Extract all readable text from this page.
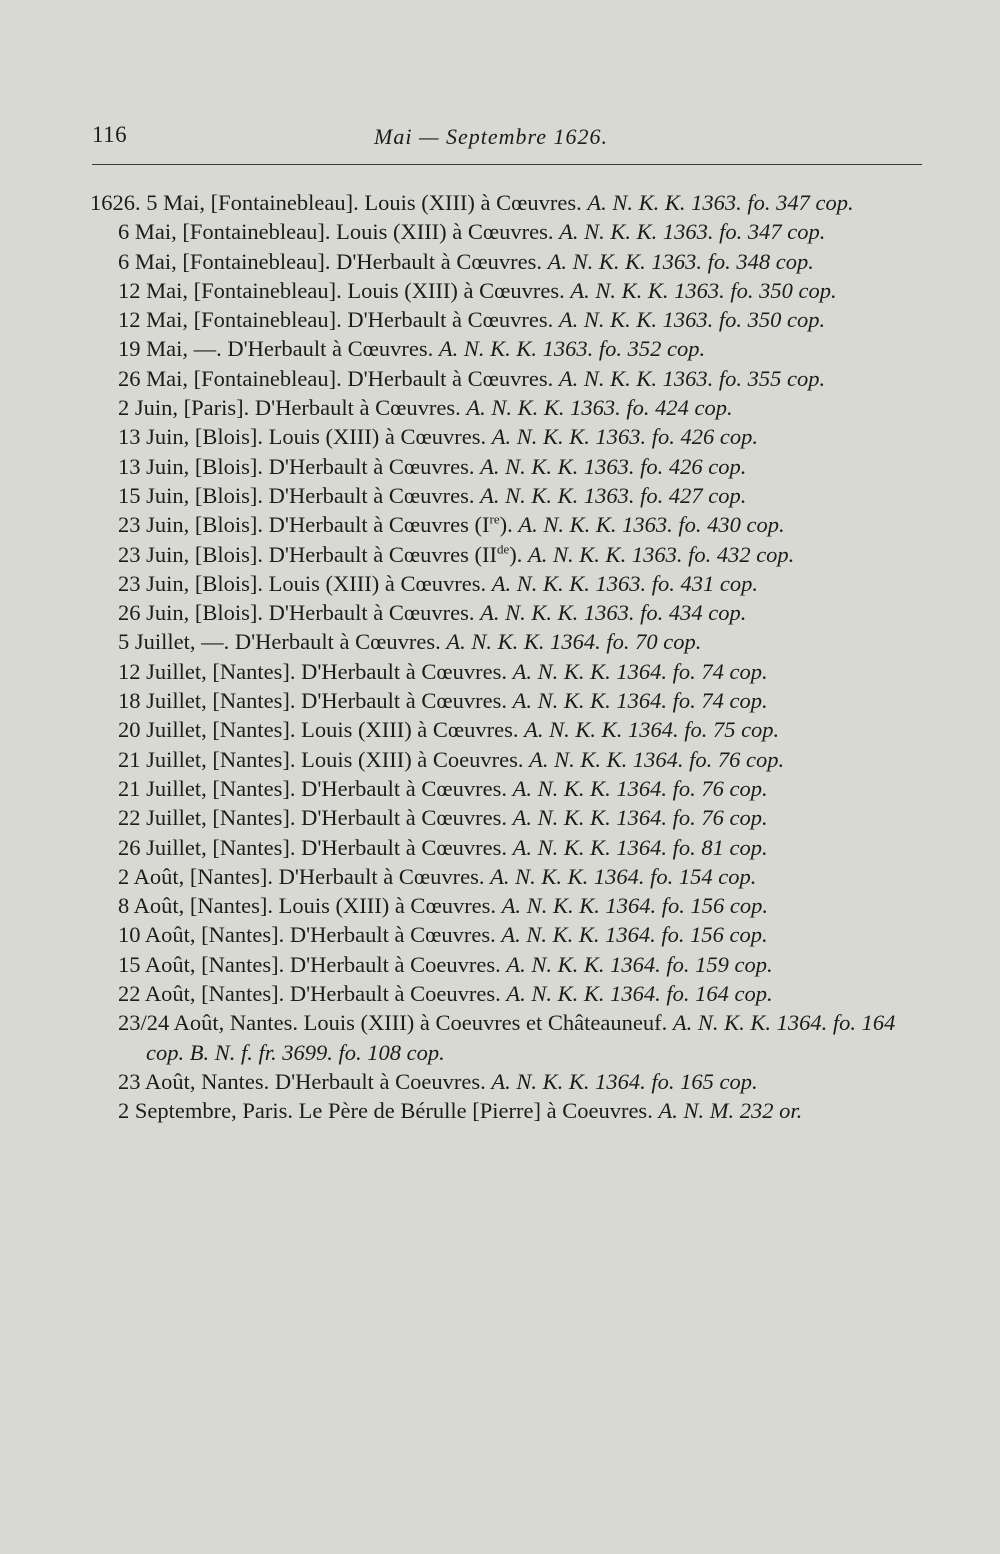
116	Mai — Septembre 1626.

1626. 5 Mai, [Fontainebleau]. Louis (XIII) à Cœuvres. A. N. K. K. 1363. fo. 347 cop.

6 Mai, [Fontainebleau]. Louis (XIII) à Cœuvres. A. N. K. K. 1363. fo. 347 cop.

6 Mai, [Fontainebleau]. D'Herbault à Cœuvres. A. N. K. K. 1363. fo. 348 cop.

12 Mai, [Fontainebleau]. Louis (XIII) à Cœuvres. A. N. K. K. 1363. fo. 350 cop.

12 Mai, [Fontainebleau]. D'Herbault à Cœuvres. A. N. K. K. 1363. fo. 350 cop.

19 Mai, —. D'Herbault à Cœuvres. A. N. K. K. 1363. fo. 352 cop.

26 Mai, [Fontainebleau]. D'Herbault à Cœuvres. A. N. K. K. 1363. fo. 355 cop.

2 Juin, [Paris]. D'Herbault à Cœuvres. A. N. K. K. 1363. fo. 424 cop.

13 Juin, [Blois]. Louis (XIII) à Cœuvres. A. N. K. K. 1363. fo. 426 cop.

13 Juin, [Blois]. D'Herbault à Cœuvres. A. N. K. K. 1363. fo. 426 cop.

15 Juin, [Blois]. D'Herbault à Cœuvres. A. N. K. K. 1363. fo. 427 cop.

23 Juin, [Blois]. D'Herbault à Cœuvres (Ire). A. N. K. K. 1363. fo. 430 cop.

23 Juin, [Blois]. D'Herbault à Cœuvres (IIde). A. N. K. K. 1363. fo. 432 cop.

23 Juin, [Blois]. Louis (XIII) à Cœuvres. A. N. K. K. 1363. fo. 431 cop.

26 Juin, [Blois]. D'Herbault à Cœuvres. A. N. K. K. 1363. fo. 434 cop.

5 Juillet, —. D'Herbault à Cœuvres. A. N. K. K. 1364. fo. 70 cop.

12 Juillet, [Nantes]. D'Herbault à Cœuvres. A. N. K. K. 1364. fo. 74 cop.

18 Juillet, [Nantes]. D'Herbault à Cœuvres. A. N. K. K. 1364. fo. 74 cop.

20 Juillet, [Nantes]. Louis (XIII) à Cœuvres. A. N. K. K. 1364. fo. 75 cop.

21 Juillet, [Nantes]. Louis (XIII) à Coeuvres. A. N. K. K. 1364. fo. 76 cop.

21 Juillet, [Nantes]. D'Herbault à Cœuvres. A. N. K. K. 1364. fo. 76 cop.

22 Juillet, [Nantes]. D'Herbault à Cœuvres. A. N. K. K. 1364. fo. 76 cop.

26 Juillet, [Nantes]. D'Herbault à Cœuvres. A. N. K. K. 1364. fo. 81 cop.

2 Août, [Nantes]. D'Herbault à Cœuvres. A. N. K. K. 1364. fo. 154 cop.

8 Août, [Nantes]. Louis (XIII) à Cœuvres. A. N. K. K. 1364. fo. 156 cop.

10 Août, [Nantes]. D'Herbault à Cœuvres. A. N. K. K. 1364. fo. 156 cop.

15 Août, [Nantes]. D'Herbault à Coeuvres. A. N. K. K. 1364. fo. 159 cop.

22 Août, [Nantes]. D'Herbault à Coeuvres. A. N. K. K. 1364. fo. 164 cop.

23/24 Août, Nantes. Louis (XIII) à Coeuvres et Châteauneuf. A. N. K. K. 1364. fo. 164 cop. B. N. f. fr. 3699. fo. 108 cop.

23 Août, Nantes. D'Herbault à Coeuvres. A. N. K. K. 1364. fo. 165 cop.

2 Septembre, Paris. Le Père de Bérulle [Pierre] à Coeuvres. A. N. M. 232 or.
